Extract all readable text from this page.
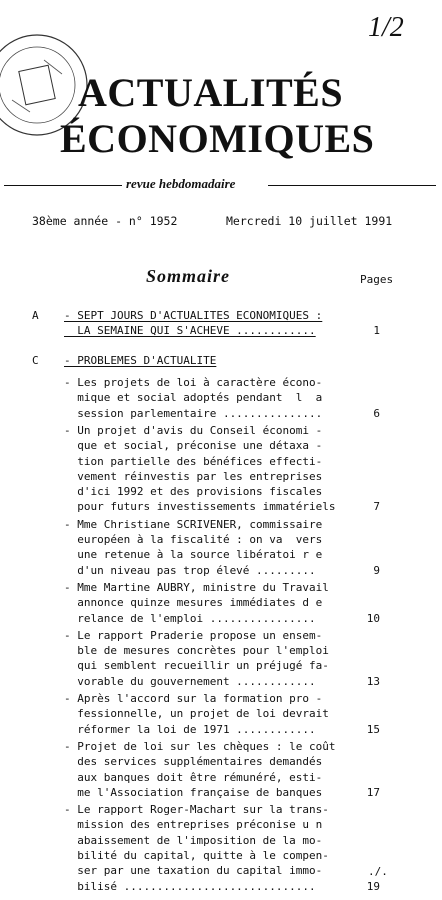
1/2
ACTUALITÉS
ÉCONOMIQUES
revue hebdomadaire
38ème année - n° 1952	Mercredi 10 juillet 1991
Sommaire	Pages
A - SEPT JOURS D'ACTUALITES ECONOMIQUES :
LA SEMAINE QUI S'ACHEVE ............	1
C - PROBLEMES D'ACTUALITE
- Les projets de loi à caractère écono-
mique et social adoptés pendant  l  a
session parlementaire ...............	6
- Un projet d'avis du Conseil économi -
que et social, préconise une détaxa -
tion partielle des bénéfices effecti-
vement réinvestis par les entreprises
d'ici 1992 et des provisions fiscales
pour futurs investissements immatériels	7
- Mme Christiane SCRIVENER, commissaire
européen à la fiscalité : on va  vers
une retenue à la source libératoi r e
d'un niveau pas trop élevé .........	9
- Mme Martine AUBRY, ministre du Travail
annonce quinze mesures immédiates d e
relance de l'emploi ................	10
- Le rapport Praderie propose un ensem-
ble de mesures concrètes pour l'emploi
qui semblent recueillir un préjugé fa-
vorable du gouvernement ............	13
- Après l'accord sur la formation pro -
fessionnelle, un projet de loi devrait
réformer la loi de 1971 ............	15
- Projet de loi sur les chèques : le coût
des services supplémentaires demandés
aux banques doit être rémunéré, esti-
me l'Association française de banques	17
- Le rapport Roger-Machart sur la trans-
mission des entreprises préconise u n
abaissement de l'imposition de la mo-
bilité du capital, quitte à le compen-
ser par une taxation du capital immo-
bilisé .............................	19
./.
